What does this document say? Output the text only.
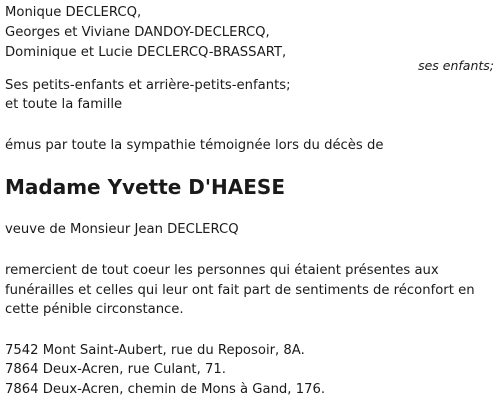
Monique DECLERCQ,
Georges et Viviane DANDOY-DECLERCQ,
Dominique et Lucie DECLERCQ-BRASSART,
ses enfants;
Ses petits-enfants et arrière-petits-enfants;
et toute la famille
émus par toute la sympathie témoignée lors du décès de
Madame Yvette D'HAESE
veuve de Monsieur Jean DECLERCQ
remercient de tout coeur les personnes qui étaient présentes aux
funérailles et celles qui leur ont fait part de sentiments de réconfort en
cette pénible circonstance.
7542 Mont Saint-Aubert, rue du Reposoir, 8A.
7864 Deux-Acren, rue Culant, 71.
7864 Deux-Acren, chemin de Mons à Gand, 176.
